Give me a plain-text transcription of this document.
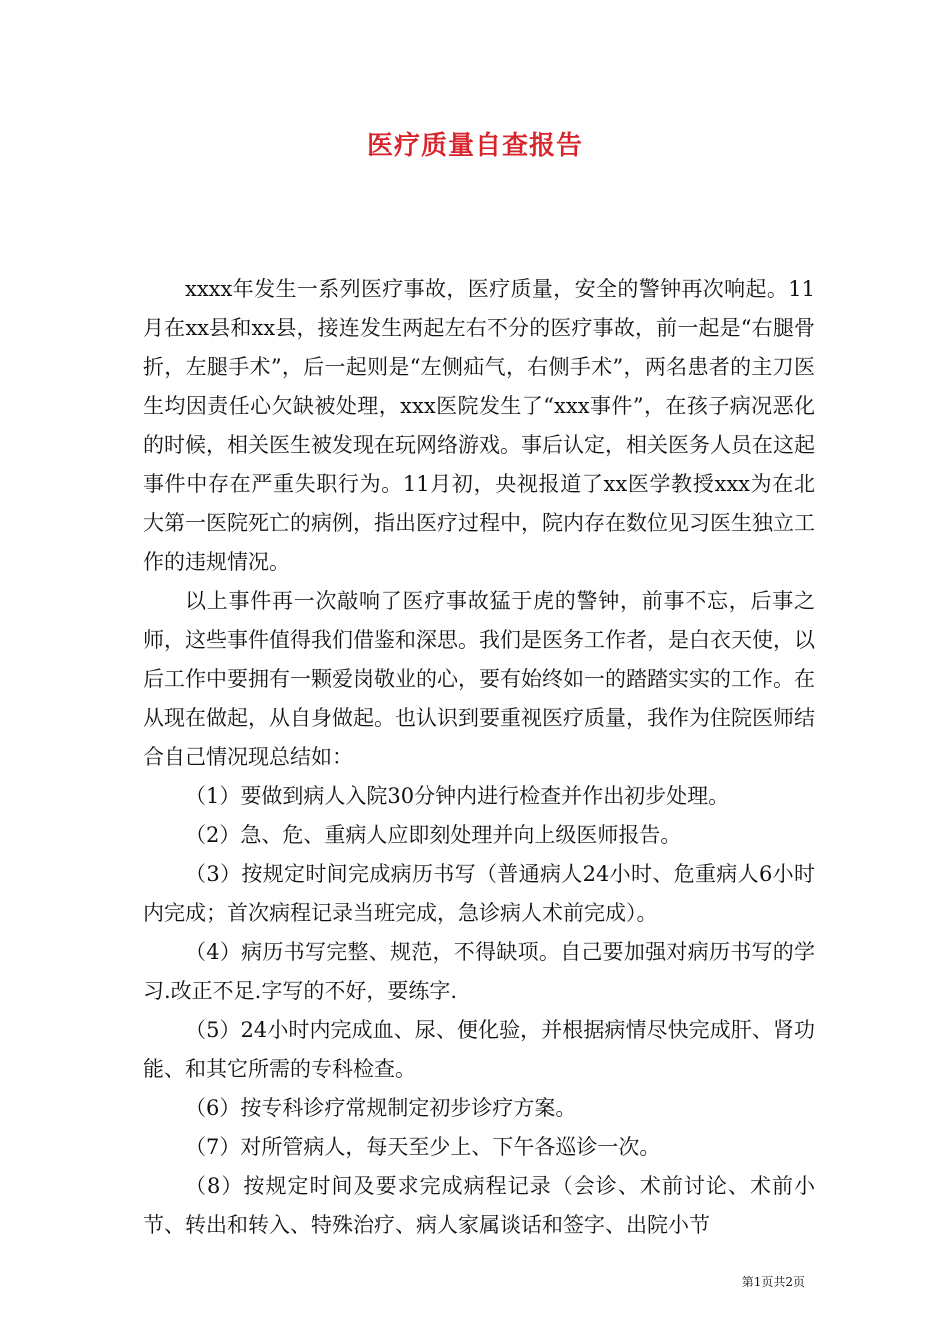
医疗质量自查报告

xxxx年发生一系列医疗事故，医疗质量，安全的警钟再次响起。11月在xx县和xx县，接连发生两起左右不分的医疗事故，前一起是“右腿骨折，左腿手术”，后一起则是“左侧疝气，右侧手术”，两名患者的主刀医生均因责任心欠缺被处理，xxx医院发生了“xxx事件”，在孩子病况恶化的时候，相关医生被发现在玩网络游戏。事后认定，相关医务人员在这起事件中存在严重失职行为。11月初，央视报道了xx医学教授xxx为在北大第一医院死亡的病例，指出医疗过程中，院内存在数位见习医生独立工作的违规情况。

以上事件再一次敲响了医疗事故猛于虎的警钟，前事不忘，后事之师，这些事件值得我们借鉴和深思。我们是医务工作者，是白衣天使，以后工作中要拥有一颗爱岗敬业的心，要有始终如一的踏踏实实的工作。在从现在做起，从自身做起。也认识到要重视医疗质量，我作为住院医师结合自己情况现总结如：

（1）要做到病人入院30分钟内进行检查并作出初步处理。

（2）急、危、重病人应即刻处理并向上级医师报告。

（3）按规定时间完成病历书写（普通病人24小时、危重病人6小时内完成；首次病程记录当班完成，急诊病人术前完成）。

（4）病历书写完整、规范，不得缺项。自己要加强对病历书写的学习.改正不足.字写的不好，要练字.

（5）24小时内完成血、尿、便化验，并根据病情尽快完成肝、肾功能、和其它所需的专科检查。

（6）按专科诊疗常规制定初步诊疗方案。

（7）对所管病人，每天至少上、下午各巡诊一次。

（8）按规定时间及要求完成病程记录（会诊、术前讨论、术前小节、转出和转入、特殊治疗、病人家属谈话和签字、出院小节

第1页共2页
